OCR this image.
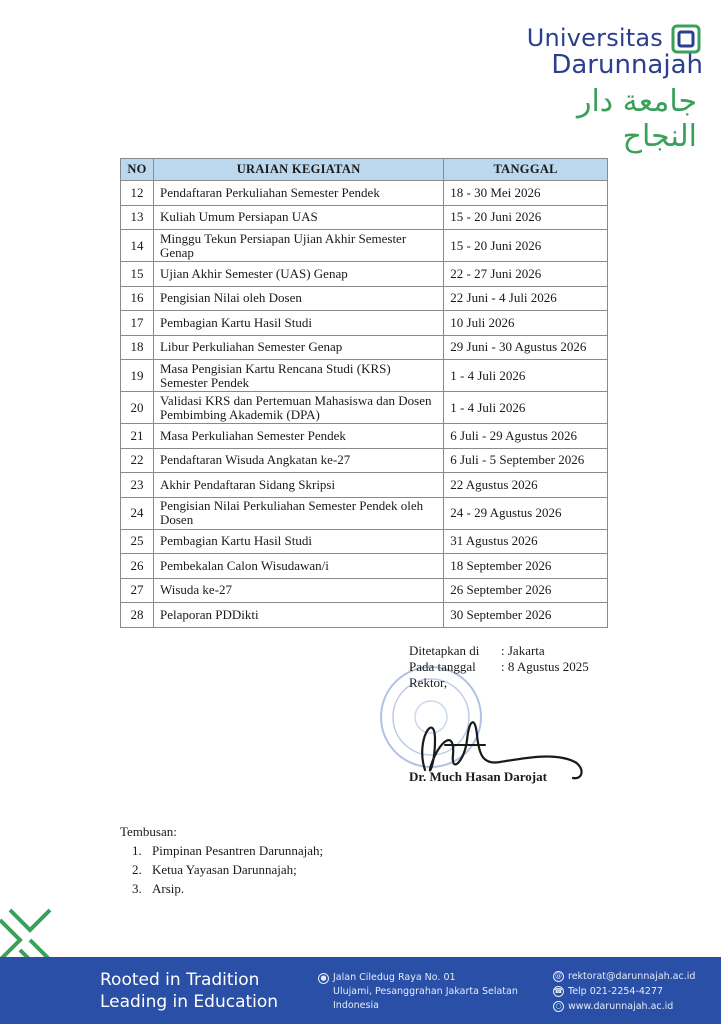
Universitas
Darunnajah
جامعة دار النجاح
NO	URAIAN KEGIATAN	TANGGAL
12	Pendaftaran Perkuliahan Semester Pendek	18 - 30 Mei 2026
13	Kuliah Umum Persiapan UAS	15 - 20 Juni 2026
14	Minggu Tekun Persiapan Ujian Akhir Semester Genap	15 - 20 Juni 2026
15	Ujian Akhir Semester (UAS) Genap	22 - 27 Juni 2026
16	Pengisian Nilai oleh Dosen	22 Juni - 4 Juli 2026
17	Pembagian Kartu Hasil Studi	10 Juli 2026
18	Libur Perkuliahan Semester Genap	29 Juni - 30 Agustus 2026
19	Masa Pengisian Kartu Rencana Studi (KRS) Semester Pendek	1 - 4 Juli 2026
20	Validasi KRS dan Pertemuan Mahasiswa dan Dosen Pembimbing Akademik (DPA)	1 - 4 Juli 2026
21	Masa Perkuliahan Semester Pendek	6 Juli - 29 Agustus 2026
22	Pendaftaran Wisuda Angkatan ke-27	6 Juli - 5 September 2026
23	Akhir Pendaftaran Sidang Skripsi	22 Agustus 2026
24	Pengisian Nilai Perkuliahan Semester Pendek oleh Dosen	24 - 29 Agustus 2026
25	Pembagian Kartu Hasil Studi	31 Agustus 2026
26	Pembekalan Calon Wisudawan/i	18 September 2026
27	Wisuda ke-27	26 September 2026
28	Pelaporan PDDikti	30 September 2026
Ditetapkan di	: Jakarta
Pada tanggal	: 8 Agustus 2025
Rektor,
Dr. Much Hasan Darojat
Tembusan:
1. Pimpinan Pesantren Darunnajah;
2. Ketua Yayasan Darunnajah;
3. Arsip.
Rooted in Tradition
Leading in Education
● Jalan Ciledug Raya No. 01
Ulujami, Pesanggrahan Jakarta Selatan
Indonesia
@ rektorat@darunnajah.ac.id
☎ Telp 021-2254-4277
○ www.darunnajah.ac.id
